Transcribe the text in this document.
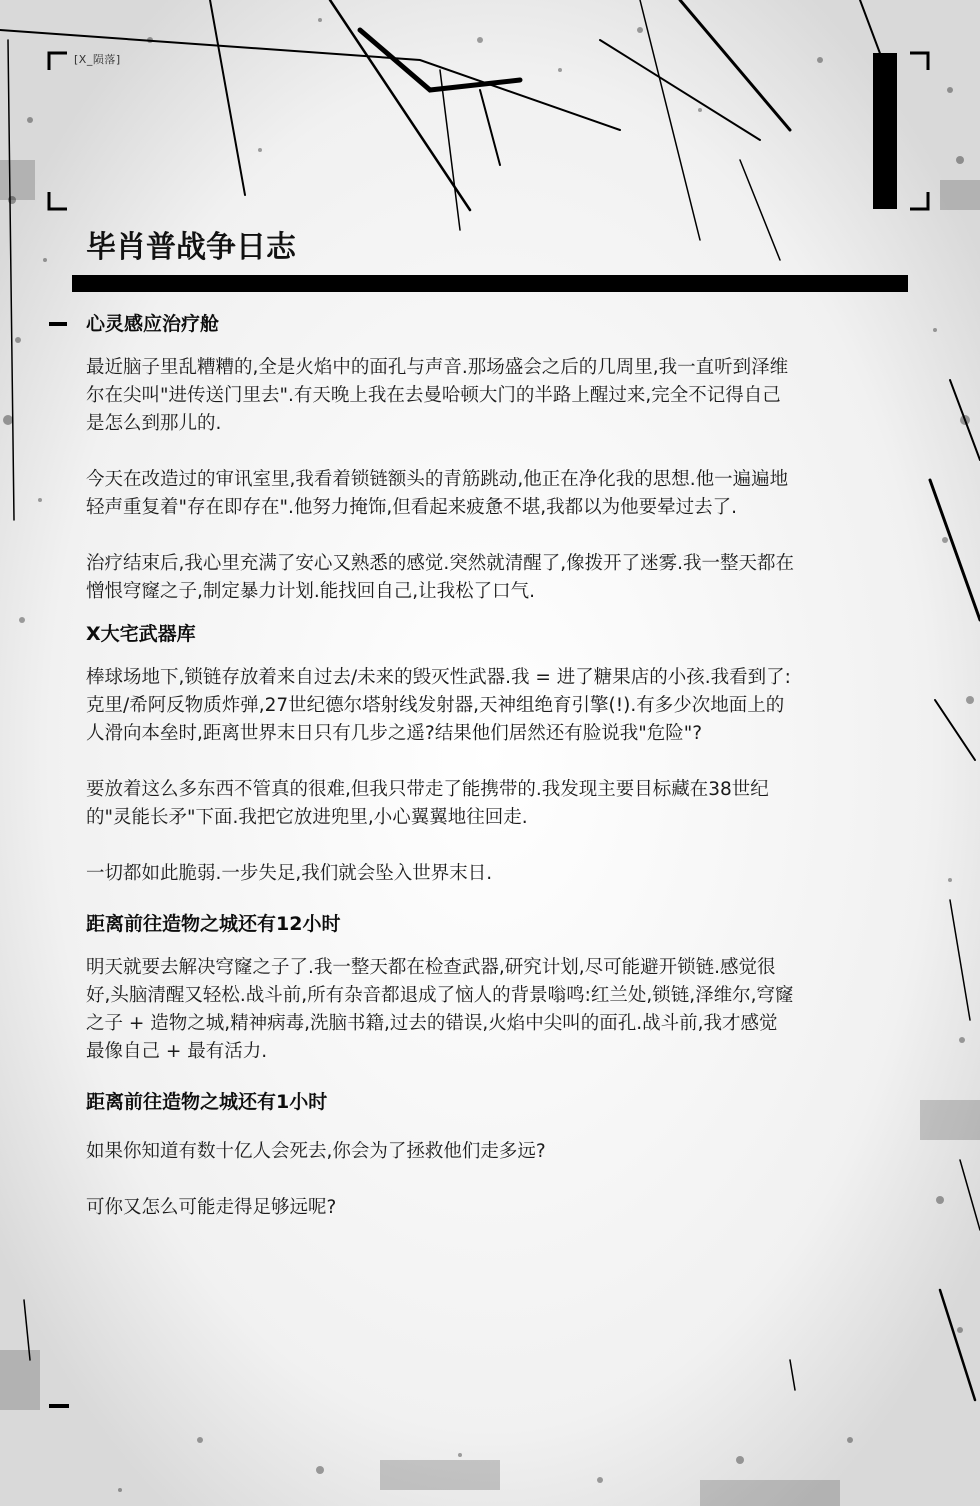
[X_陨落]
毕肖普战争日志
心灵感应治疗舱

最近脑子里乱糟糟的,全是火焰中的面孔与声音.那场盛会之后的几周里,我一直听到泽维尔在尖叫"进传送门里去".有天晚上我在去曼哈顿大门的半路上醒过来,完全不记得自己是怎么到那儿的.

今天在改造过的审讯室里,我看着锁链额头的青筋跳动,他正在净化我的思想.他一遍遍地轻声重复着"存在即存在".他努力掩饰,但看起来疲惫不堪,我都以为他要晕过去了.

治疗结束后,我心里充满了安心又熟悉的感觉.突然就清醒了,像拨开了迷雾.我一整天都在憎恨穹窿之子,制定暴力计划.能找回自己,让我松了口气.

X大宅武器库

棒球场地下,锁链存放着来自过去/未来的毁灭性武器.我 = 进了糖果店的小孩.我看到了:克里/希阿反物质炸弹,27世纪德尔塔射线发射器,天神组绝育引擎(!).有多少次地面上的人滑向本垒时,距离世界末日只有几步之遥?结果他们居然还有脸说我"危险"?

要放着这么多东西不管真的很难,但我只带走了能携带的.我发现主要目标藏在38世纪的"灵能长矛"下面.我把它放进兜里,小心翼翼地往回走.

一切都如此脆弱.一步失足,我们就会坠入世界末日.

距离前往造物之城还有12小时

明天就要去解决穹窿之子了.我一整天都在检查武器,研究计划,尽可能避开锁链.感觉很好,头脑清醒又轻松.战斗前,所有杂音都退成了恼人的背景嗡鸣:红兰处,锁链,泽维尔,穹窿之子 + 造物之城,精神病毒,洗脑书籍,过去的错误,火焰中尖叫的面孔.战斗前,我才感觉最像自己 + 最有活力.

距离前往造物之城还有1小时

如果你知道有数十亿人会死去,你会为了拯救他们走多远?

可你又怎么可能走得足够远呢?
